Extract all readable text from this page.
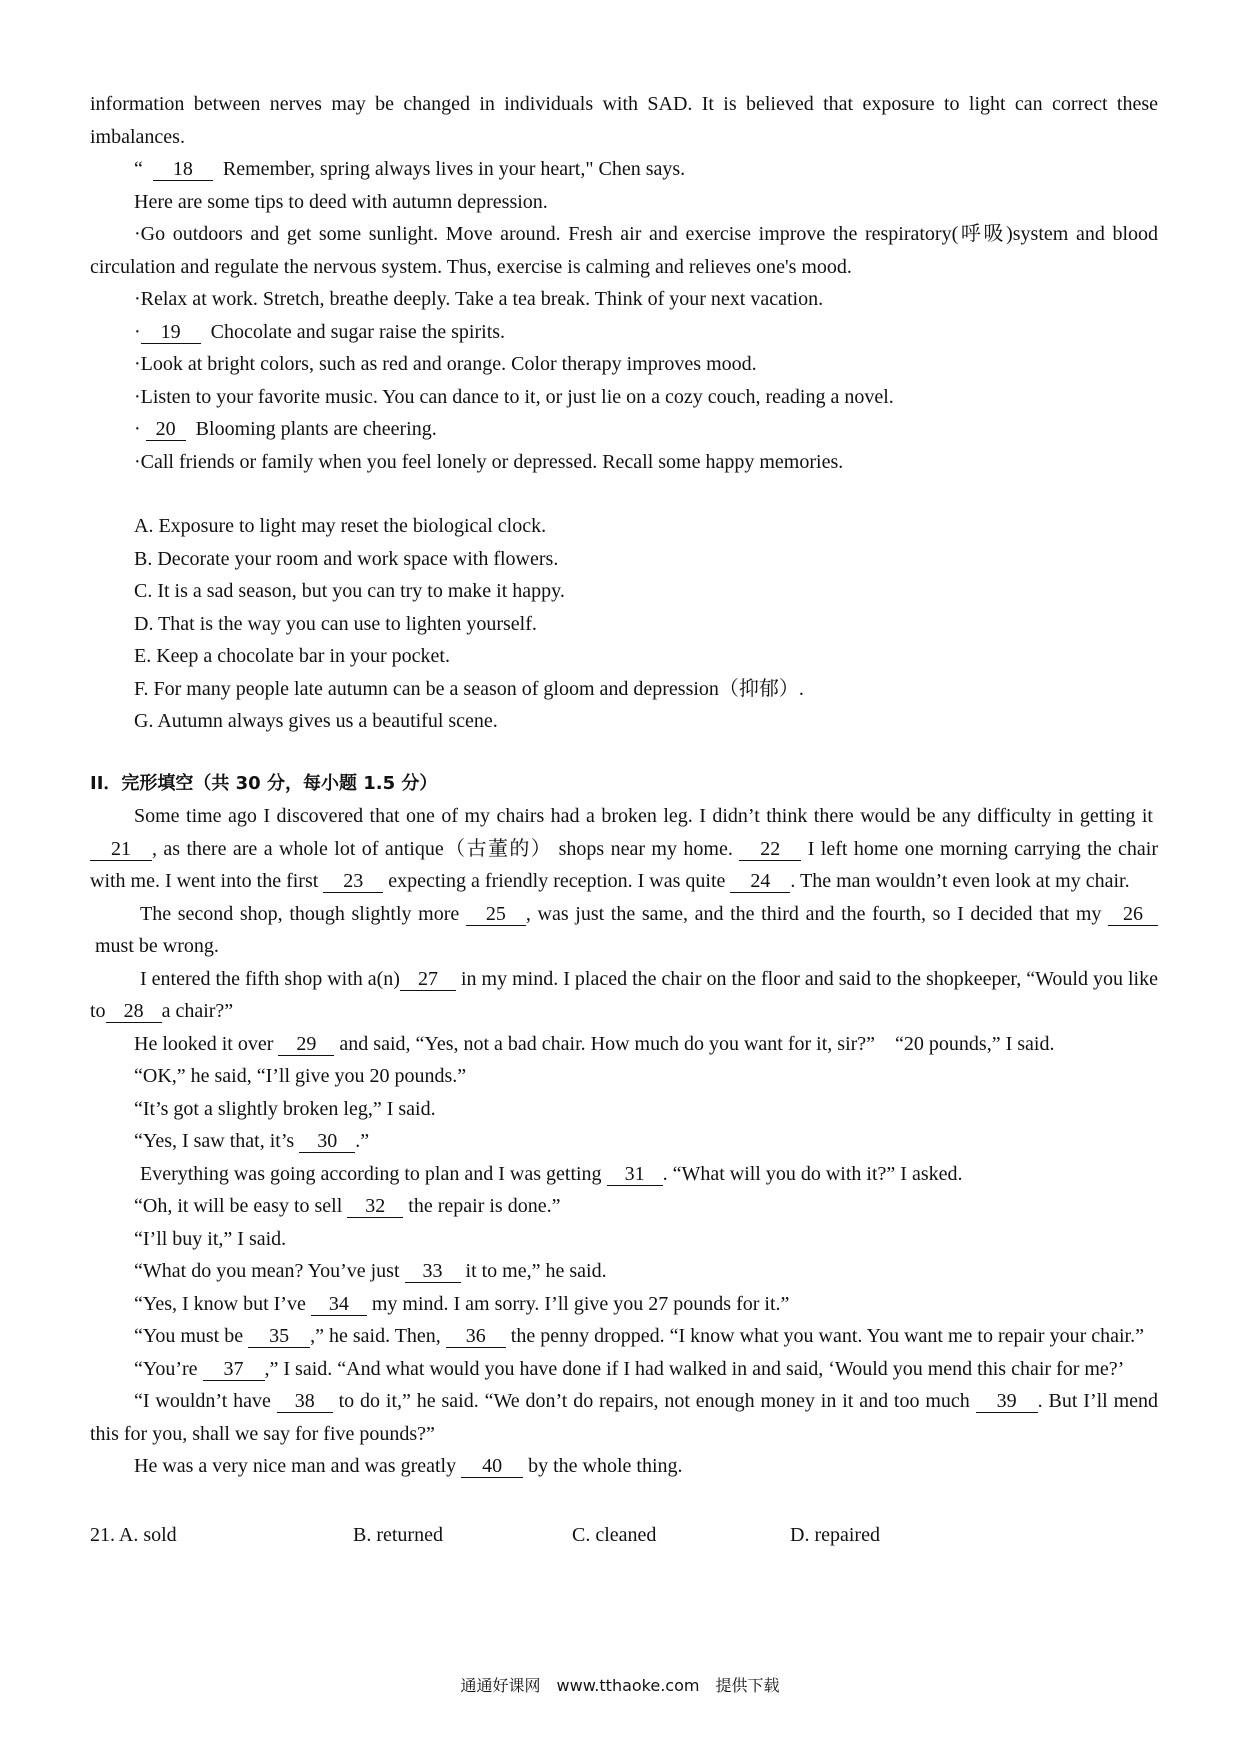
information between nerves may be changed in individuals with SAD. It is believed that exposure to light can correct these imbalances.

“ 18 Remember, spring always lives in your heart," Chen says.

Here are some tips to deed with autumn depression.

·Go outdoors and get some sunlight. Move around. Fresh air and exercise improve the respiratory(呼吸)system and blood circulation and regulate the nervous system. Thus, exercise is calming and relieves one's mood.

·Relax at work. Stretch, breathe deeply. Take a tea break. Think of your next vacation.

· 19 Chocolate and sugar raise the spirits.

·Look at bright colors, such as red and orange. Color therapy improves mood.

·Listen to your favorite music. You can dance to it, or just lie on a cozy couch, reading a novel.

· 20 Blooming plants are cheering.

·Call friends or family when you feel lonely or depressed. Recall some happy memories.

A. Exposure to light may reset the biological clock.
B. Decorate your room and work space with flowers.
C. It is a sad season, but you can try to make it happy.
D. That is the way you can use to lighten yourself.
E. Keep a chocolate bar in your pocket.
F. For many people late autumn can be a season of gloom and depression（抑郁）.
G. Autumn always gives us a beautiful scene.
II．完形填空（共 30 分，每小题 1.5 分）

Some time ago I discovered that one of my chairs had a broken leg. I didn’t think there would be any difficulty in getting it 21 , as there are a whole lot of antique（古董的） shops near my home. 22 I left home one morning carrying the chair with me. I went into the first 23 expecting a friendly reception. I was quite 24 . The man wouldn’t even look at my chair.

The second shop, though slightly more 25 , was just the same, and the third and the fourth, so I decided that my 26 must be wrong.

I entered the fifth shop with a(n) 27 in my mind. I placed the chair on the floor and said to the shopkeeper, “Would you like to 28 a chair?”

He looked it over 29 and said, “Yes, not a bad chair. How much do you want for it, sir?”　“20 pounds,” I said.

“OK,” he said, “I’ll give you 20 pounds.”

“It’s got a slightly broken leg,” I said.

“Yes, I saw that, it’s 30 .”

Everything was going according to plan and I was getting 31 . “What will you do with it?” I asked.

“Oh, it will be easy to sell 32 the repair is done.”

“I’ll buy it,” I said.

“What do you mean? You’ve just 33 it to me,” he said.

“Yes, I know but I’ve 34 my mind. I am sorry. I’ll give you 27 pounds for it.”

“You must be 35 ,” he said. Then, 36 the penny dropped. “I know what you want. You want me to repair your chair.”

“You’re 37 ,” I said. “And what would you have done if I had walked in and said, ‘Would you mend this chair for me?’

“I wouldn’t have 38 to do it,” he said. “We don’t do repairs, not enough money in it and too much 39 . But I’ll mend this for you, shall we say for five pounds?”

He was a very nice man and was greatly 40 by the whole thing.

21. A. sold	B. returned	C. cleaned	D. repaired
通通好课网　www.tthaoke.com　提供下载
